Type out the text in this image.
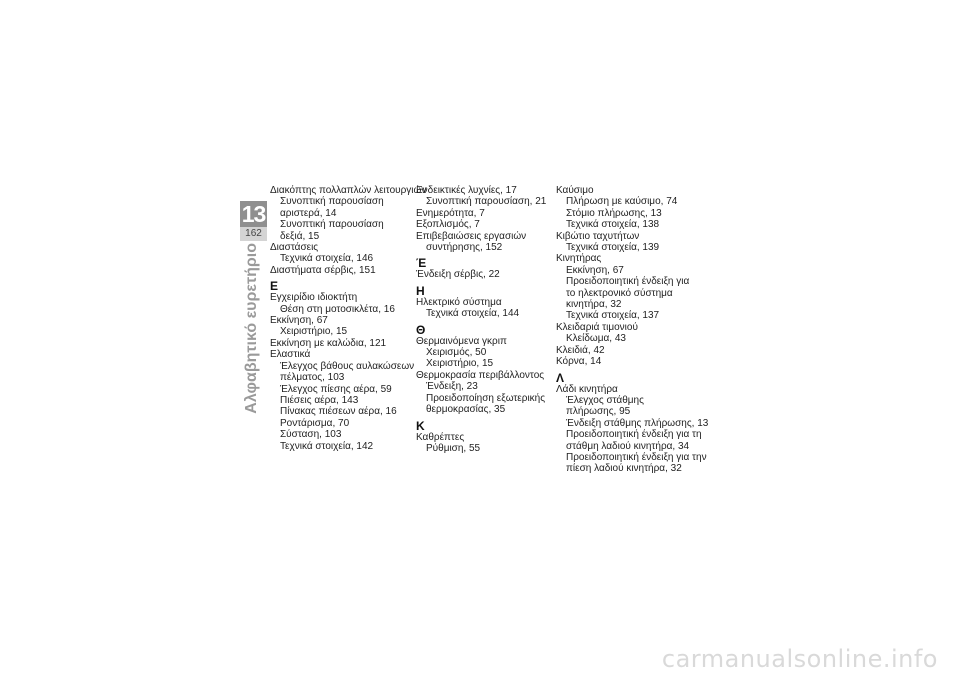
13
162
Αλφαβητικό ευρετήριο
Διακόπτης πολλαπλών λειτουργιών
Συνοπτική παρουσίαση
αριστερά, 14
Συνοπτική παρουσίαση
δεξιά, 15
Διαστάσεις
Τεχνικά στοιχεία, 146
Διαστήματα σέρβις, 151
Ε
Εγχειρίδιο ιδιοκτήτη
Θέση στη μοτοσικλέτα, 16
Εκκίνηση, 67
Χειριστήριο, 15
Εκκίνηση με καλώδια, 121
Ελαστικά
Έλεγχος βάθους αυλακώσεων
πέλματος, 103
Έλεγχος πίεσης αέρα, 59
Πιέσεις αέρα, 143
Πίνακας πιέσεων αέρα, 16
Ροντάρισμα, 70
Σύσταση, 103
Τεχνικά στοιχεία, 142
Ενδεικτικές λυχνίες, 17
Συνοπτική παρουσίαση, 21
Ενημερότητα, 7
Εξοπλισμός, 7
Επιβεβαιώσεις εργασιών
συντήρησης, 152
Έ
Ένδειξη σέρβις, 22
Η
Ηλεκτρικό σύστημα
Τεχνικά στοιχεία, 144
Θ
Θερμαινόμενα γκριπ
Χειρισμός, 50
Χειριστήριο, 15
Θερμοκρασία περιβάλλοντος
Ένδειξη, 23
Προειδοποίηση εξωτερικής
θερμοκρασίας, 35
Κ
Καθρέπτες
Ρύθμιση, 55
Καύσιμο
Πλήρωση με καύσιμο, 74
Στόμιο πλήρωσης, 13
Τεχνικά στοιχεία, 138
Κιβώτιο ταχυτήτων
Τεχνικά στοιχεία, 139
Κινητήρας
Εκκίνηση, 67
Προειδοποιητική ένδειξη για
το ηλεκτρονικό σύστημα
κινητήρα, 32
Τεχνικά στοιχεία, 137
Κλειδαριά τιμονιού
Κλείδωμα, 43
Κλειδιά, 42
Κόρνα, 14
Λ
Λάδι κινητήρα
Έλεγχος στάθμης
πλήρωσης, 95
Ένδειξη στάθμης πλήρωσης, 13
Προειδοποιητική ένδειξη για τη
στάθμη λαδιού κινητήρα, 34
Προειδοποιητική ένδειξη για την
πίεση λαδιού κινητήρα, 32
carmanualsonline.info
